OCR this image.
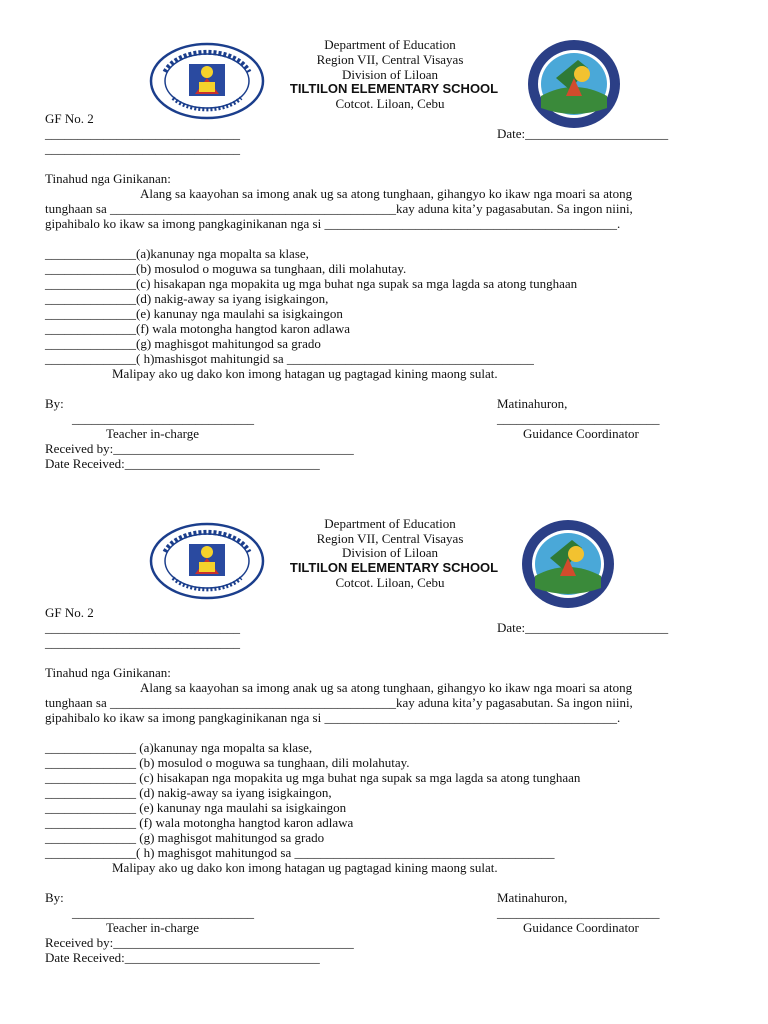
Department of Education
Region VII, Central Visayas
Division of Liloan
TILTILON ELEMENTARY SCHOOL
Cotcot. Liloan, Cebu
GF No. 2
______________________________
______________________________
Date:______________________
Tinahud nga Ginikanan:
Alang sa kaayohan sa imong anak ug sa atong tunghaan, gihangyo ko ikaw nga moari sa atong
tunghaan sa ____________________________________________kay aduna kita’y pagasabutan. Sa ingon niini,
gipahibalo ko ikaw sa imong pangkaginikanan nga si _____________________________________________.
______________(a)kanunay nga mopalta sa klase,
______________(b) mosulod o moguwa sa tunghaan, dili molahutay.
______________(c) hisakapan nga mopakita ug mga buhat nga supak sa mga lagda sa atong tunghaan
______________(d) nakig-away sa iyang isigkaingon,
______________(e) kanunay nga maulahi sa isigkaingon
______________(f) wala motongha hangtod karon adlawa
______________(g) maghisgot mahitungod sa grado
______________( h)mashisgot mahitungid sa ______________________________________
Malipay ako ug dako kon imong hatagan ug pagtagad kining maong sulat.
By:	Matinahuron,
____________________________	_________________________
Teacher in-charge	Guidance Coordinator
Received by:_____________________________________
Date Received:______________________________
Department of Education
Region VII, Central Visayas
Division of Liloan
TILTILON ELEMENTARY SCHOOL
Cotcot. Liloan, Cebu
GF No. 2
______________________________
______________________________
Date:______________________
Tinahud nga Ginikanan:
Alang sa kaayohan sa imong anak ug sa atong tunghaan, gihangyo ko ikaw nga moari sa atong
tunghaan sa ____________________________________________kay aduna kita’y pagasabutan. Sa ingon niini,
gipahibalo ko ikaw sa imong pangkaginikanan nga si _____________________________________________.
______________ (a)kanunay nga mopalta sa klase,
______________ (b) mosulod o moguwa sa tunghaan, dili molahutay.
______________ (c) hisakapan nga mopakita ug mga buhat nga supak sa mga lagda sa atong tunghaan
______________ (d) nakig-away sa iyang isigkaingon,
______________ (e) kanunay nga maulahi sa isigkaingon
______________ (f) wala motongha hangtod karon adlawa
______________ (g) maghisgot mahitungod sa grado
______________( h) maghisgot mahitungod sa ________________________________________
Malipay ako ug dako kon imong hatagan ug pagtagad kining maong sulat.
By:	Matinahuron,
____________________________	_________________________
Teacher in-charge	Guidance Coordinator
Received by:_____________________________________
Date Received:______________________________
